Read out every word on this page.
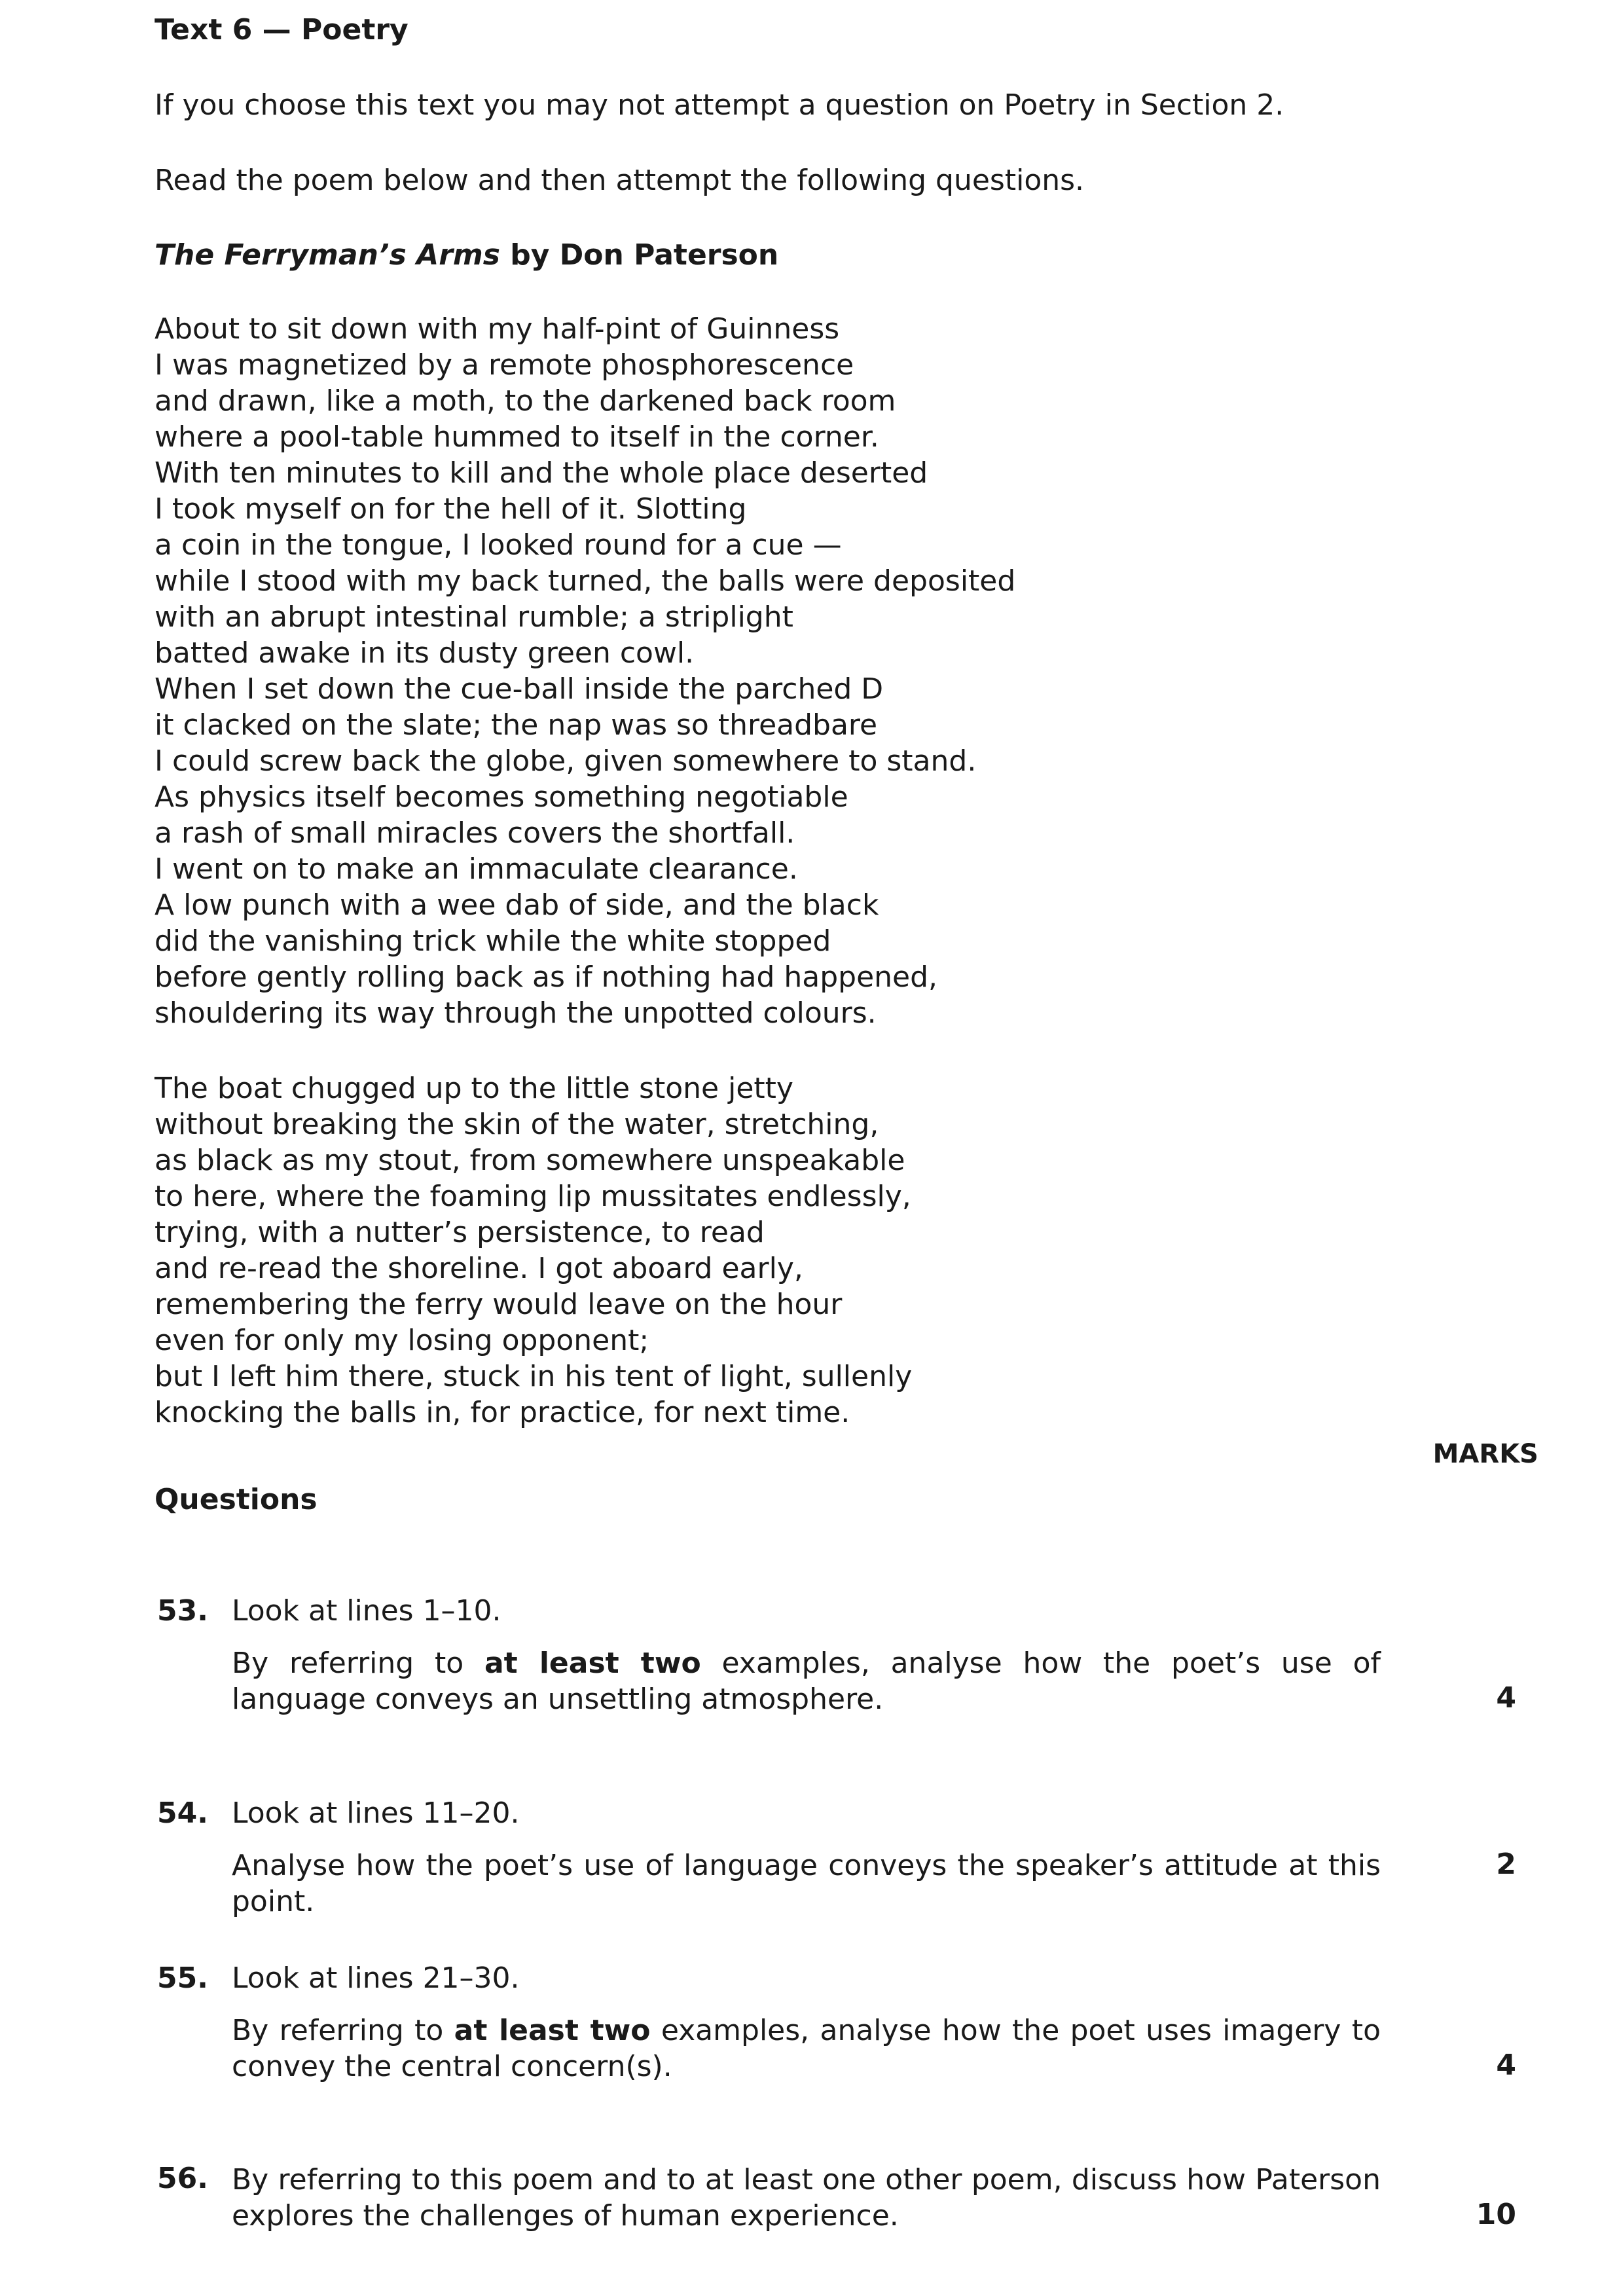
Text 6 — Poetry
If you choose this text you may not attempt a question on Poetry in Section 2.
Read the poem below and then attempt the following questions.
The Ferryman’s Arms by Don Paterson
About to sit down with my half-pint of Guinness
I was magnetized by a remote phosphorescence
and drawn, like a moth, to the darkened back room
where a pool-table hummed to itself in the corner.
With ten minutes to kill and the whole place deserted
I took myself on for the hell of it. Slotting
a coin in the tongue, I looked round for a cue —
while I stood with my back turned, the balls were deposited
with an abrupt intestinal rumble; a striplight
batted awake in its dusty green cowl.
When I set down the cue-ball inside the parched D
it clacked on the slate; the nap was so threadbare
I could screw back the globe, given somewhere to stand.
As physics itself becomes something negotiable
a rash of small miracles covers the shortfall.
I went on to make an immaculate clearance.
A low punch with a wee dab of side, and the black
did the vanishing trick while the white stopped
before gently rolling back as if nothing had happened,
shouldering its way through the unpotted colours.
The boat chugged up to the little stone jetty
without breaking the skin of the water, stretching,
as black as my stout, from somewhere unspeakable
to here, where the foaming lip mussitates endlessly,
trying, with a nutter’s persistence, to read
and re-read the shoreline. I got aboard early,
remembering the ferry would leave on the hour
even for only my losing opponent;
but I left him there, stuck in his tent of light, sullenly
knocking the balls in, for practice, for next time.
MARKS
Questions
53. Look at lines 1–10.
By referring to at least two examples, analyse how the poet’s use of language conveys an unsettling atmosphere.	4
54. Look at lines 11–20.
Analyse how the poet’s use of language conveys the speaker’s attitude at this point.
2
55. Look at lines 21–30.
By referring to at least two examples, analyse how the poet uses imagery to convey the central concern(s).	4
56. By referring to this poem and to at least one other poem, discuss how Paterson explores the challenges of human experience.	10
